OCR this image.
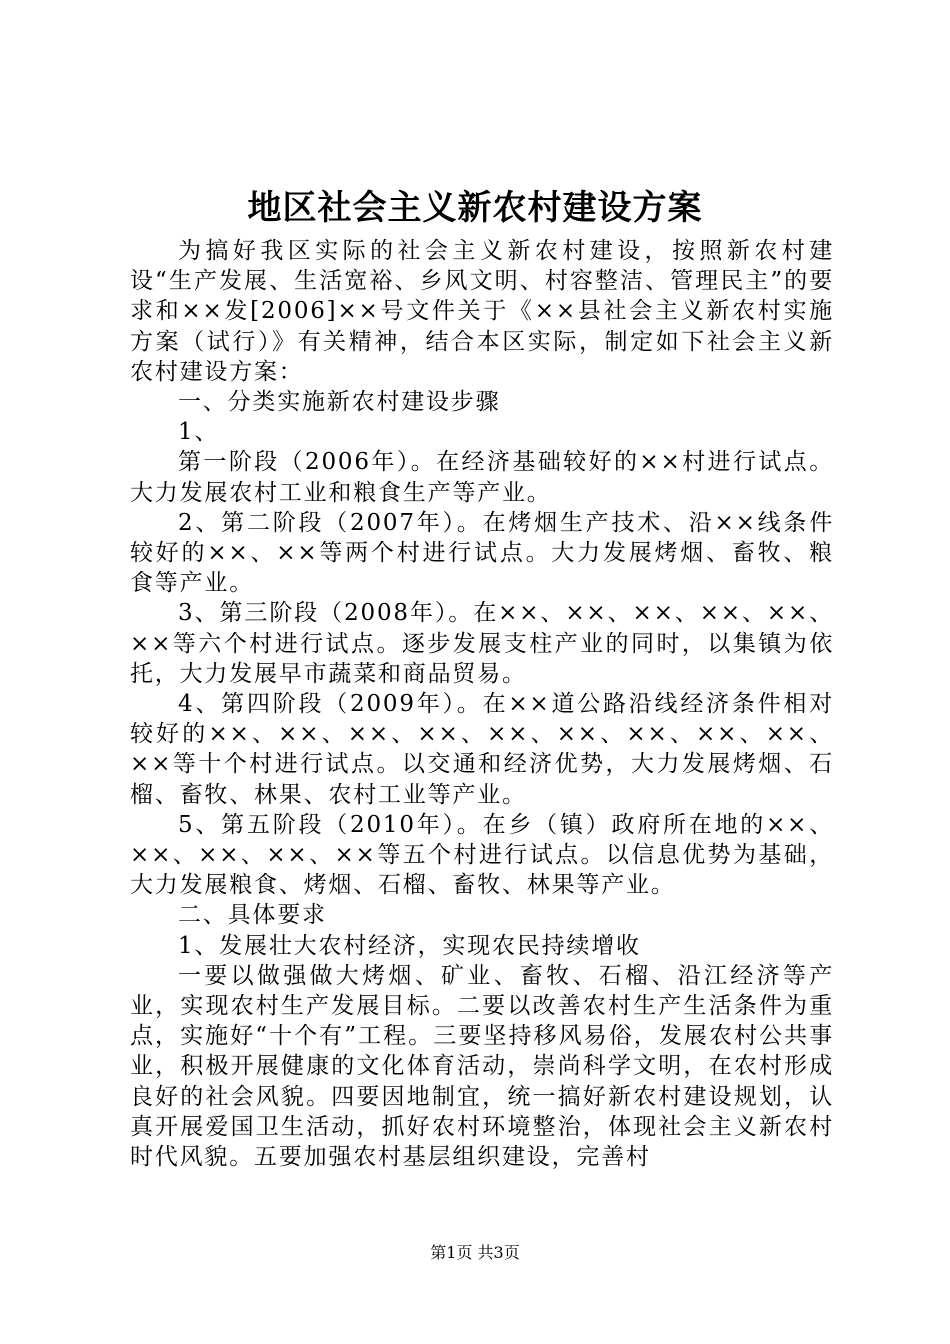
地区社会主义新农村建设方案

为搞好我区实际的社会主义新农村建设，按照新农村建设“生产发展、生活宽裕、乡风文明、村容整洁、管理民主”的要求和××发[2006]××号文件关于《××县社会主义新农村实施方案（试行）》有关精神，结合本区实际，制定如下社会主义新农村建设方案：

一、分类实施新农村建设步骤

1、

第一阶段（2006年）。在经济基础较好的××村进行试点。大力发展农村工业和粮食生产等产业。

2、第二阶段（2007年）。在烤烟生产技术、沿××线条件较好的××、××等两个村进行试点。大力发展烤烟、畜牧、粮食等产业。

3、第三阶段（2008年）。在××、××、××、××、××、××等六个村进行试点。逐步发展支柱产业的同时，以集镇为依托，大力发展早市蔬菜和商品贸易。

4、第四阶段（2009年）。在××道公路沿线经济条件相对较好的××、××、××、××、××、××、××、××、××、××等十个村进行试点。以交通和经济优势，大力发展烤烟、石榴、畜牧、林果、农村工业等产业。

5、第五阶段（2010年）。在乡（镇）政府所在地的××、××、××、××、××等五个村进行试点。以信息优势为基础，大力发展粮食、烤烟、石榴、畜牧、林果等产业。

二、具体要求

1、发展壮大农村经济，实现农民持续增收

一要以做强做大烤烟、矿业、畜牧、石榴、沿江经济等产业，实现农村生产发展目标。二要以改善农村生产生活条件为重点，实施好“十个有”工程。三要坚持移风易俗，发展农村公共事业，积极开展健康的文化体育活动，崇尚科学文明，在农村形成良好的社会风貌。四要因地制宜，统一搞好新农村建设规划，认真开展爱国卫生活动，抓好农村环境整治，体现社会主义新农村时代风貌。五要加强农村基层组织建设，完善村

第1页 共3页
